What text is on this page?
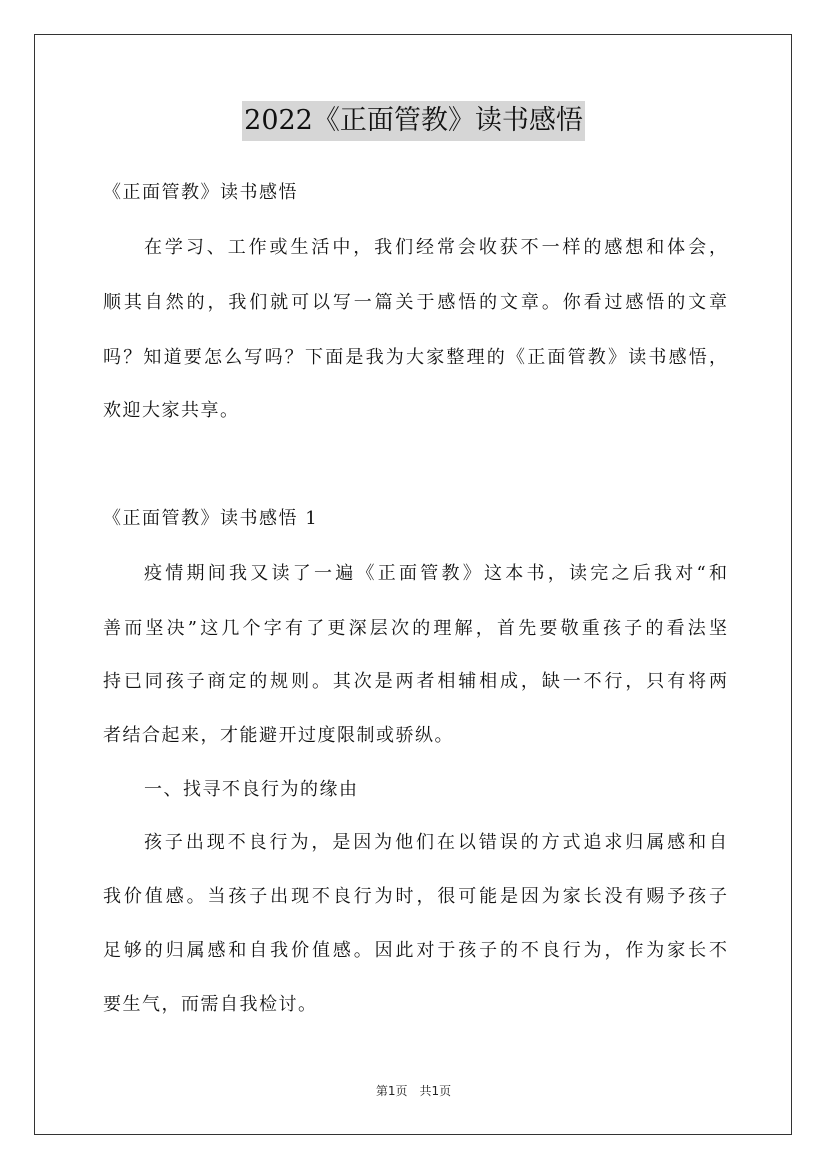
2022《正面管教》读书感悟
《正面管教》读书感悟
在学习、工作或生活中，我们经常会收获不一样的感想和体会，
顺其自然的，我们就可以写一篇关于感悟的文章。你看过感悟的文章
吗？知道要怎么写吗？下面是我为大家整理的《正面管教》读书感悟，
欢迎大家共享。
《正面管教》读书感悟 1
疫情期间我又读了一遍《正面管教》这本书，读完之后我对“和
善而坚决”这几个字有了更深层次的理解，首先要敬重孩子的看法坚
持已同孩子商定的规则。其次是两者相辅相成，缺一不行，只有将两
者结合起来，才能避开过度限制或骄纵。
一、找寻不良行为的缘由
孩子出现不良行为，是因为他们在以错误的方式追求归属感和自
我价值感。当孩子出现不良行为时，很可能是因为家长没有赐予孩子
足够的归属感和自我价值感。因此对于孩子的不良行为，作为家长不
要生气，而需自我检讨。
第1页　共1页
